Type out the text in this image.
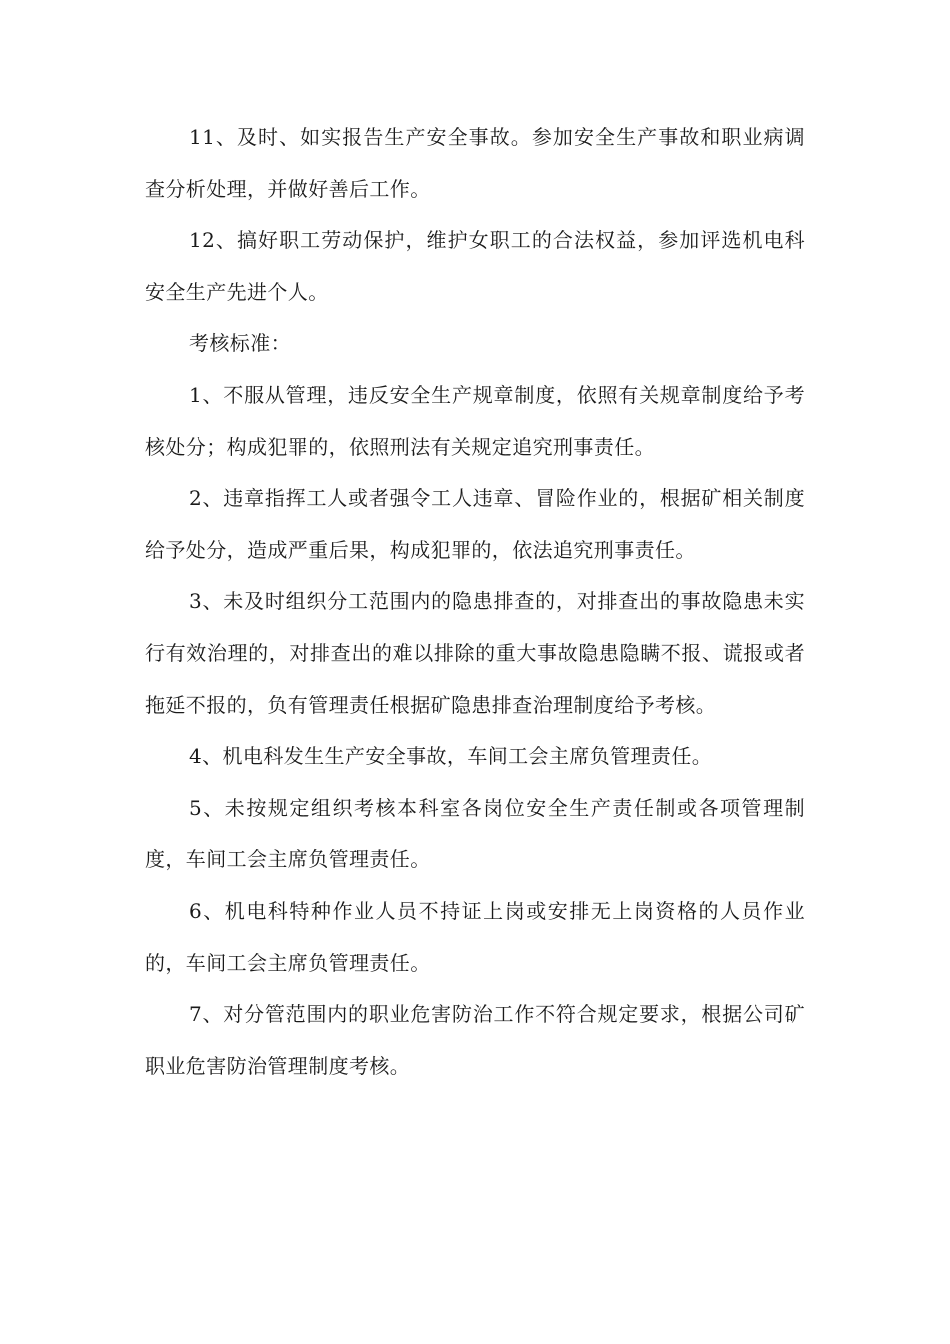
11、及时、如实报告生产安全事故。参加安全生产事故和职业病调查分析处理，并做好善后工作。

12、搞好职工劳动保护，维护女职工的合法权益，参加评选机电科安全生产先进个人。

考核标准：

1、不服从管理，违反安全生产规章制度，依照有关规章制度给予考核处分；构成犯罪的，依照刑法有关规定追究刑事责任。

2、违章指挥工人或者强令工人违章、冒险作业的，根据矿相关制度给予处分，造成严重后果，构成犯罪的，依法追究刑事责任。

3、未及时组织分工范围内的隐患排查的，对排查出的事故隐患未实行有效治理的，对排查出的难以排除的重大事故隐患隐瞒不报、谎报或者拖延不报的，负有管理责任根据矿隐患排查治理制度给予考核。

4、机电科发生生产安全事故，车间工会主席负管理责任。

5、未按规定组织考核本科室各岗位安全生产责任制或各项管理制度，车间工会主席负管理责任。

6、机电科特种作业人员不持证上岗或安排无上岗资格的人员作业的，车间工会主席负管理责任。

7、对分管范围内的职业危害防治工作不符合规定要求，根据公司矿职业危害防治管理制度考核。
